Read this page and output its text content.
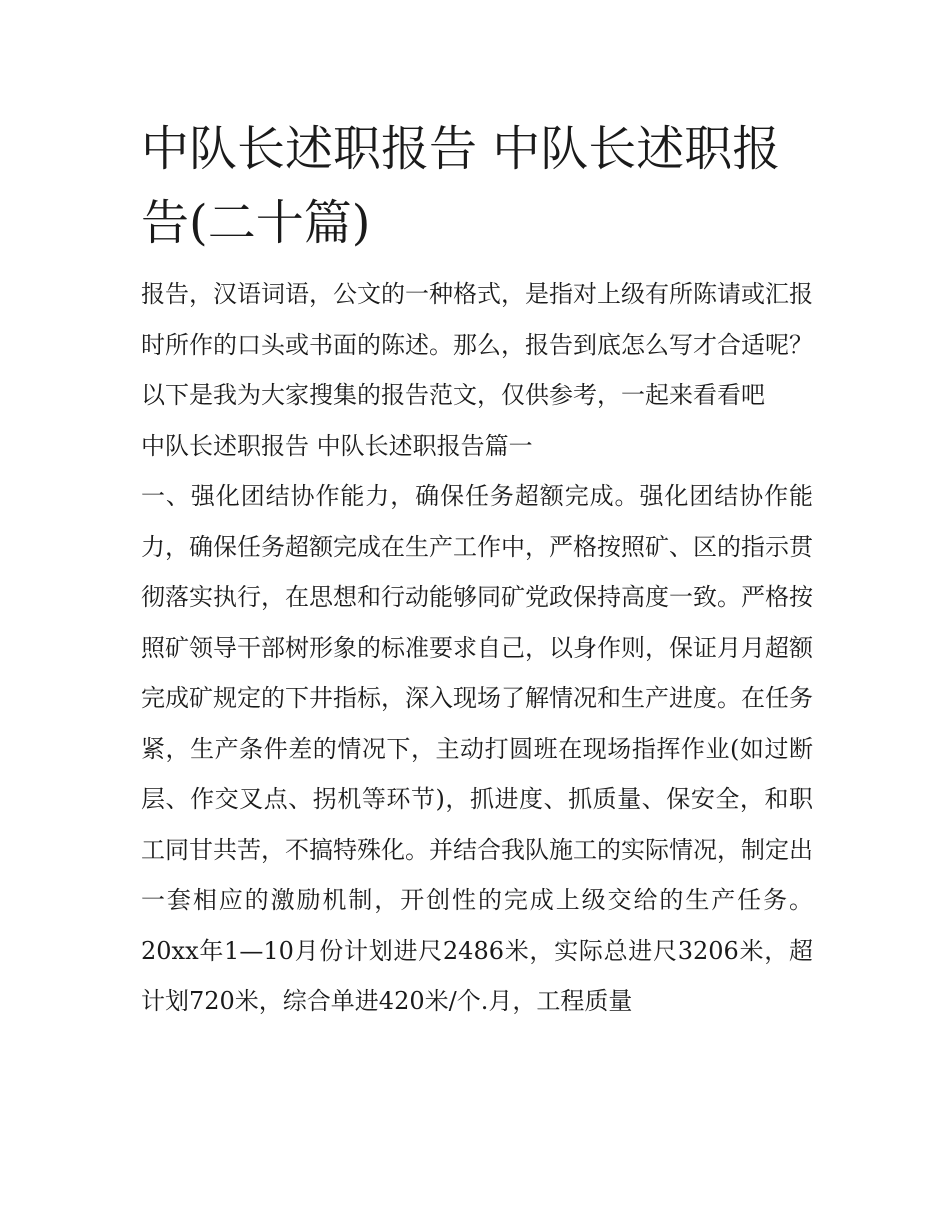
中队长述职报告 中队长述职报告(二十篇)

报告，汉语词语，公文的一种格式，是指对上级有所陈请或汇报时所作的口头或书面的陈述。那么，报告到底怎么写才合适呢？以下是我为大家搜集的报告范文，仅供参考，一起来看看吧

中队长述职报告 中队长述职报告篇一

一、强化团结协作能力，确保任务超额完成。强化团结协作能力，确保任务超额完成在生产工作中，严格按照矿、区的指示贯彻落实执行，在思想和行动能够同矿党政保持高度一致。严格按照矿领导干部树形象的标准要求自己，以身作则，保证月月超额完成矿规定的下井指标，深入现场了解情况和生产进度。在任务紧，生产条件差的情况下，主动打圆班在现场指挥作业(如过断层、作交叉点、拐机等环节)，抓进度、抓质量、保安全，和职工同甘共苦，不搞特殊化。并结合我队施工的实际情况，制定出一套相应的激励机制，开创性的完成上级交给的生产任务。20xx年1—10月份计划进尺2486米，实际总进尺3206米，超计划720米，综合单进420米/个.月，工程质量
